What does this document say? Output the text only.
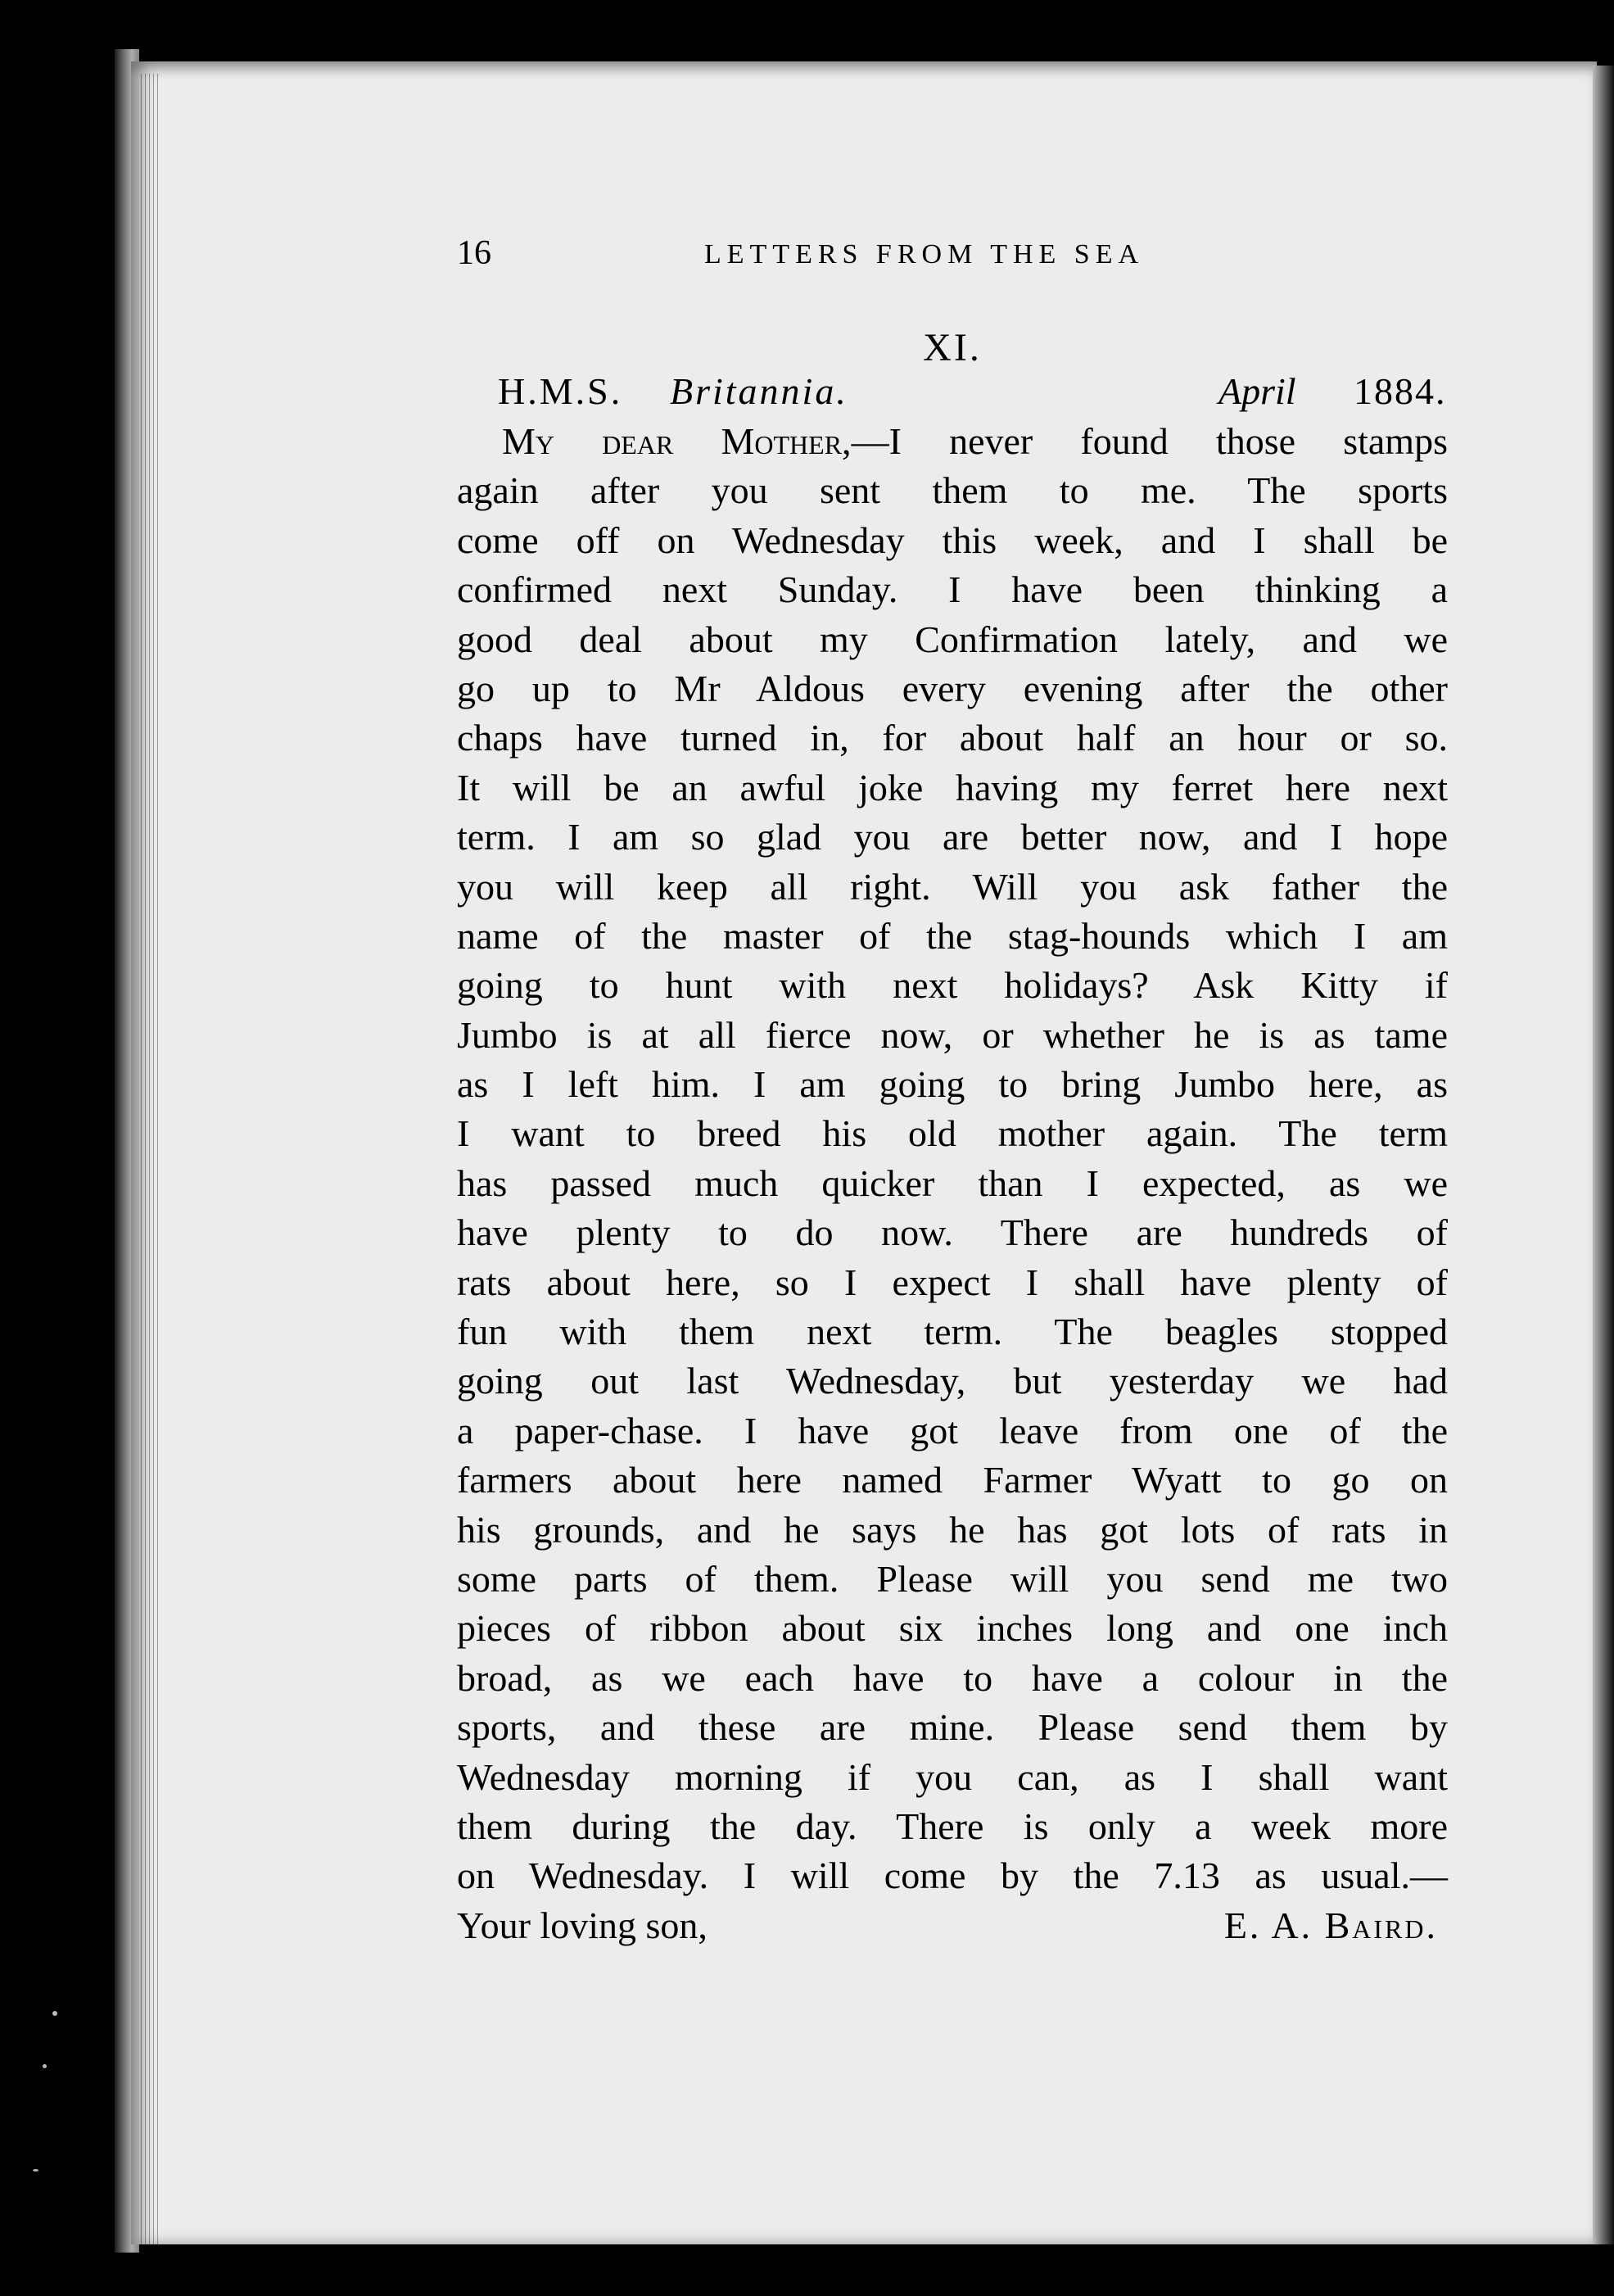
16	LETTERS FROM THE SEA
XI.
H.M.S. Britannia.	April 1884.
My dear Mother,—I never found those stamps
again after you sent them to me. The sports
come off on Wednesday this week, and I shall be
confirmed next Sunday. I have been thinking a
good deal about my Confirmation lately, and we
go up to Mr Aldous every evening after the other
chaps have turned in, for about half an hour or so.
It will be an awful joke having my ferret here next
term. I am so glad you are better now, and I hope
you will keep all right. Will you ask father the
name of the master of the stag-hounds which I am
going to hunt with next holidays? Ask Kitty if
Jumbo is at all fierce now, or whether he is as tame
as I left him. I am going to bring Jumbo here, as
I want to breed his old mother again. The term
has passed much quicker than I expected, as we
have plenty to do now. There are hundreds of
rats about here, so I expect I shall have plenty of
fun with them next term. The beagles stopped
going out last Wednesday, but yesterday we had
a paper-chase. I have got leave from one of the
farmers about here named Farmer Wyatt to go on
his grounds, and he says he has got lots of rats in
some parts of them. Please will you send me two
pieces of ribbon about six inches long and one inch
broad, as we each have to have a colour in the
sports, and these are mine. Please send them by
Wednesday morning if you can, as I shall want
them during the day. There is only a week more
on Wednesday. I will come by the 7.13 as usual.—
Your loving son,	E. A. Baird.
